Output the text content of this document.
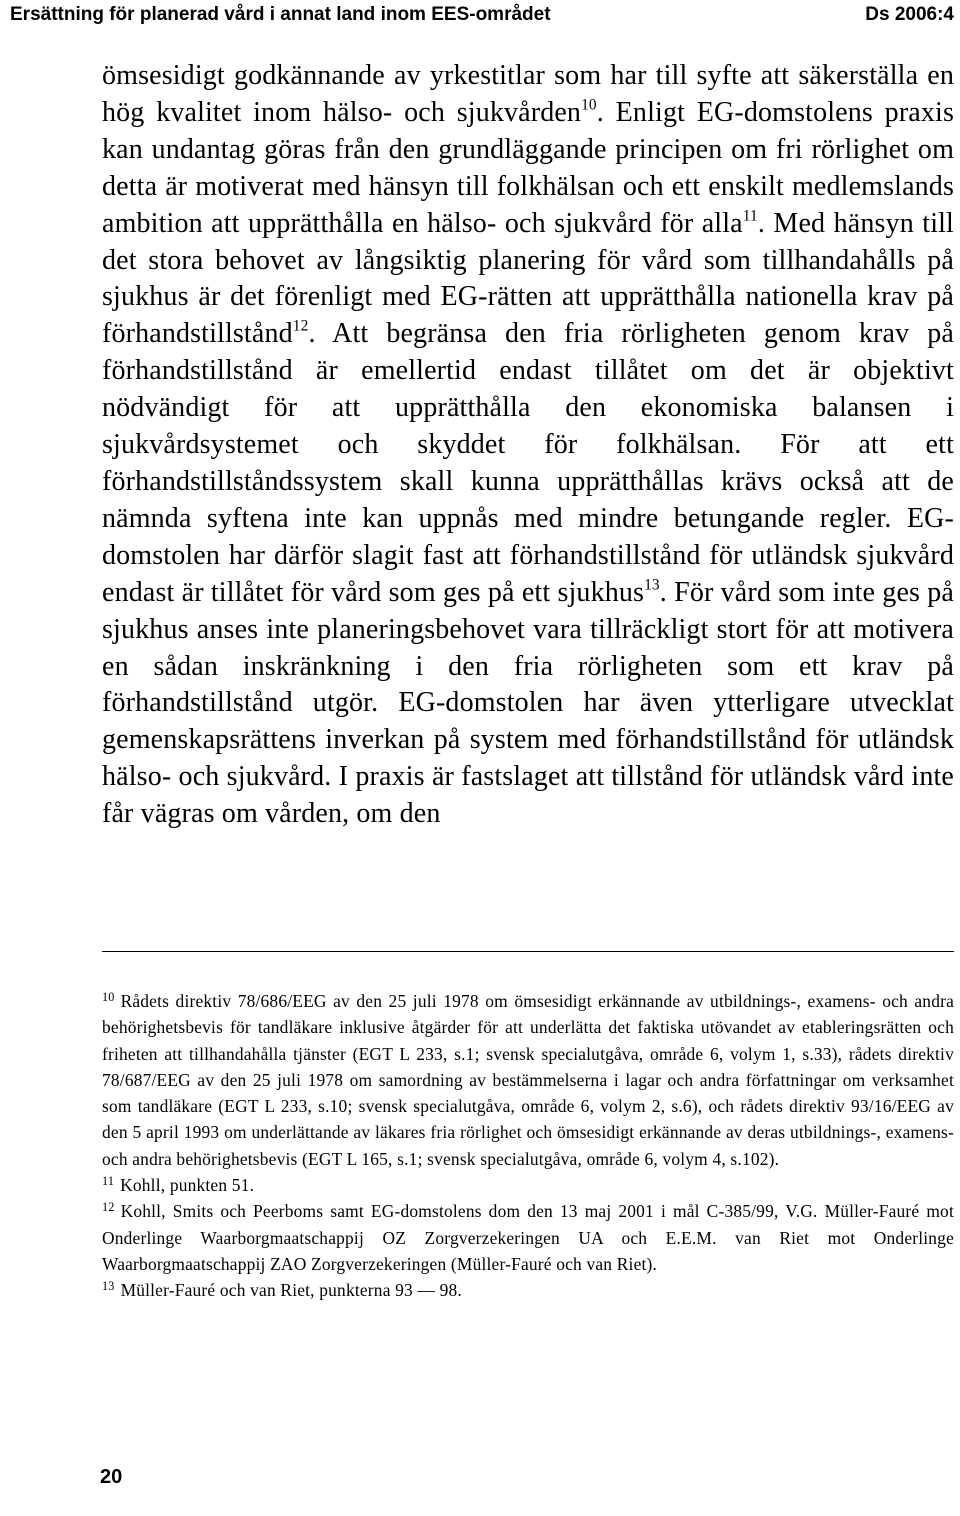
Ersättning för planerad vård i annat land inom EES-området	Ds 2006:4

ömsesidigt godkännande av yrkestitlar som har till syfte att säkerställa en hög kvalitet inom hälso- och sjukvården$^{10}$. Enligt EG-domstolens praxis kan undantag göras från den grundläggande principen om fri rörlighet om detta är motiverat med hänsyn till folkhälsan och ett enskilt medlemslands ambition att upprätthålla en hälso- och sjukvård för alla$^{11}$. Med hänsyn till det stora behovet av långsiktig planering för vård som tillhandahålls på sjukhus är det förenligt med EG-rätten att upprätthålla nationella krav på förhandstillstånd$^{12}$. Att begränsa den fria rörligheten genom krav på förhandstillstånd är emellertid endast tillåtet om det är objektivt nödvändigt för att upprätthålla den ekonomiska balansen i sjukvårdsystemet och skyddet för folkhälsan. För att ett förhandstillståndssystem skall kunna upprätthållas krävs också att de nämnda syftena inte kan uppnås med mindre betungande regler. EG-domstolen har därför slagit fast att förhandstillstånd för utländsk sjukvård endast är tillåtet för vård som ges på ett sjukhus$^{13}$. För vård som inte ges på sjukhus anses inte planeringsbehovet vara tillräckligt stort för att motivera en sådan inskränkning i den fria rörligheten som ett krav på förhandstillstånd utgör. EG-domstolen har även ytterligare utvecklat gemenskapsrättens inverkan på system med förhandstillstånd för utländsk hälso- och sjukvård. I praxis är fastslaget att tillstånd för utländsk vård inte får vägras om vården, om den

$^{10}$ Rådets direktiv 78/686/EEG av den 25 juli 1978 om ömsesidigt erkännande av utbildnings-, examens- och andra behörighetsbevis för tandläkare inklusive åtgärder för att underlätta det faktiska utövandet av etableringsrätten och friheten att tillhandahålla tjänster (EGT L 233, s.1; svensk specialutgåva, område 6, volym 1, s.33), rådets direktiv 78/687/EEG av den 25 juli 1978 om samordning av bestämmelserna i lagar och andra författningar om verksamhet som tandläkare (EGT L 233, s.10; svensk specialutgåva, område 6, volym 2, s.6), och rådets direktiv 93/16/EEG av den 5 april 1993 om underlättande av läkares fria rörlighet och ömsesidigt erkännande av deras utbildnings-, examens- och andra behörighetsbevis (EGT L 165, s.1; svensk specialutgåva, område 6, volym 4, s.102).

$^{11}$ Kohll, punkten 51.

$^{12}$ Kohll, Smits och Peerboms samt EG-domstolens dom den 13 maj 2001 i mål C-385/99, V.G. Müller-Fauré mot Onderlinge Waarborgmaatschappij OZ Zorgverzekeringen UA och E.E.M. van Riet mot Onderlinge Waarborgmaatschappij ZAO Zorgverzekeringen (Müller-Fauré och van Riet).

$^{13}$ Müller-Fauré och van Riet, punkterna 93 — 98.

20
